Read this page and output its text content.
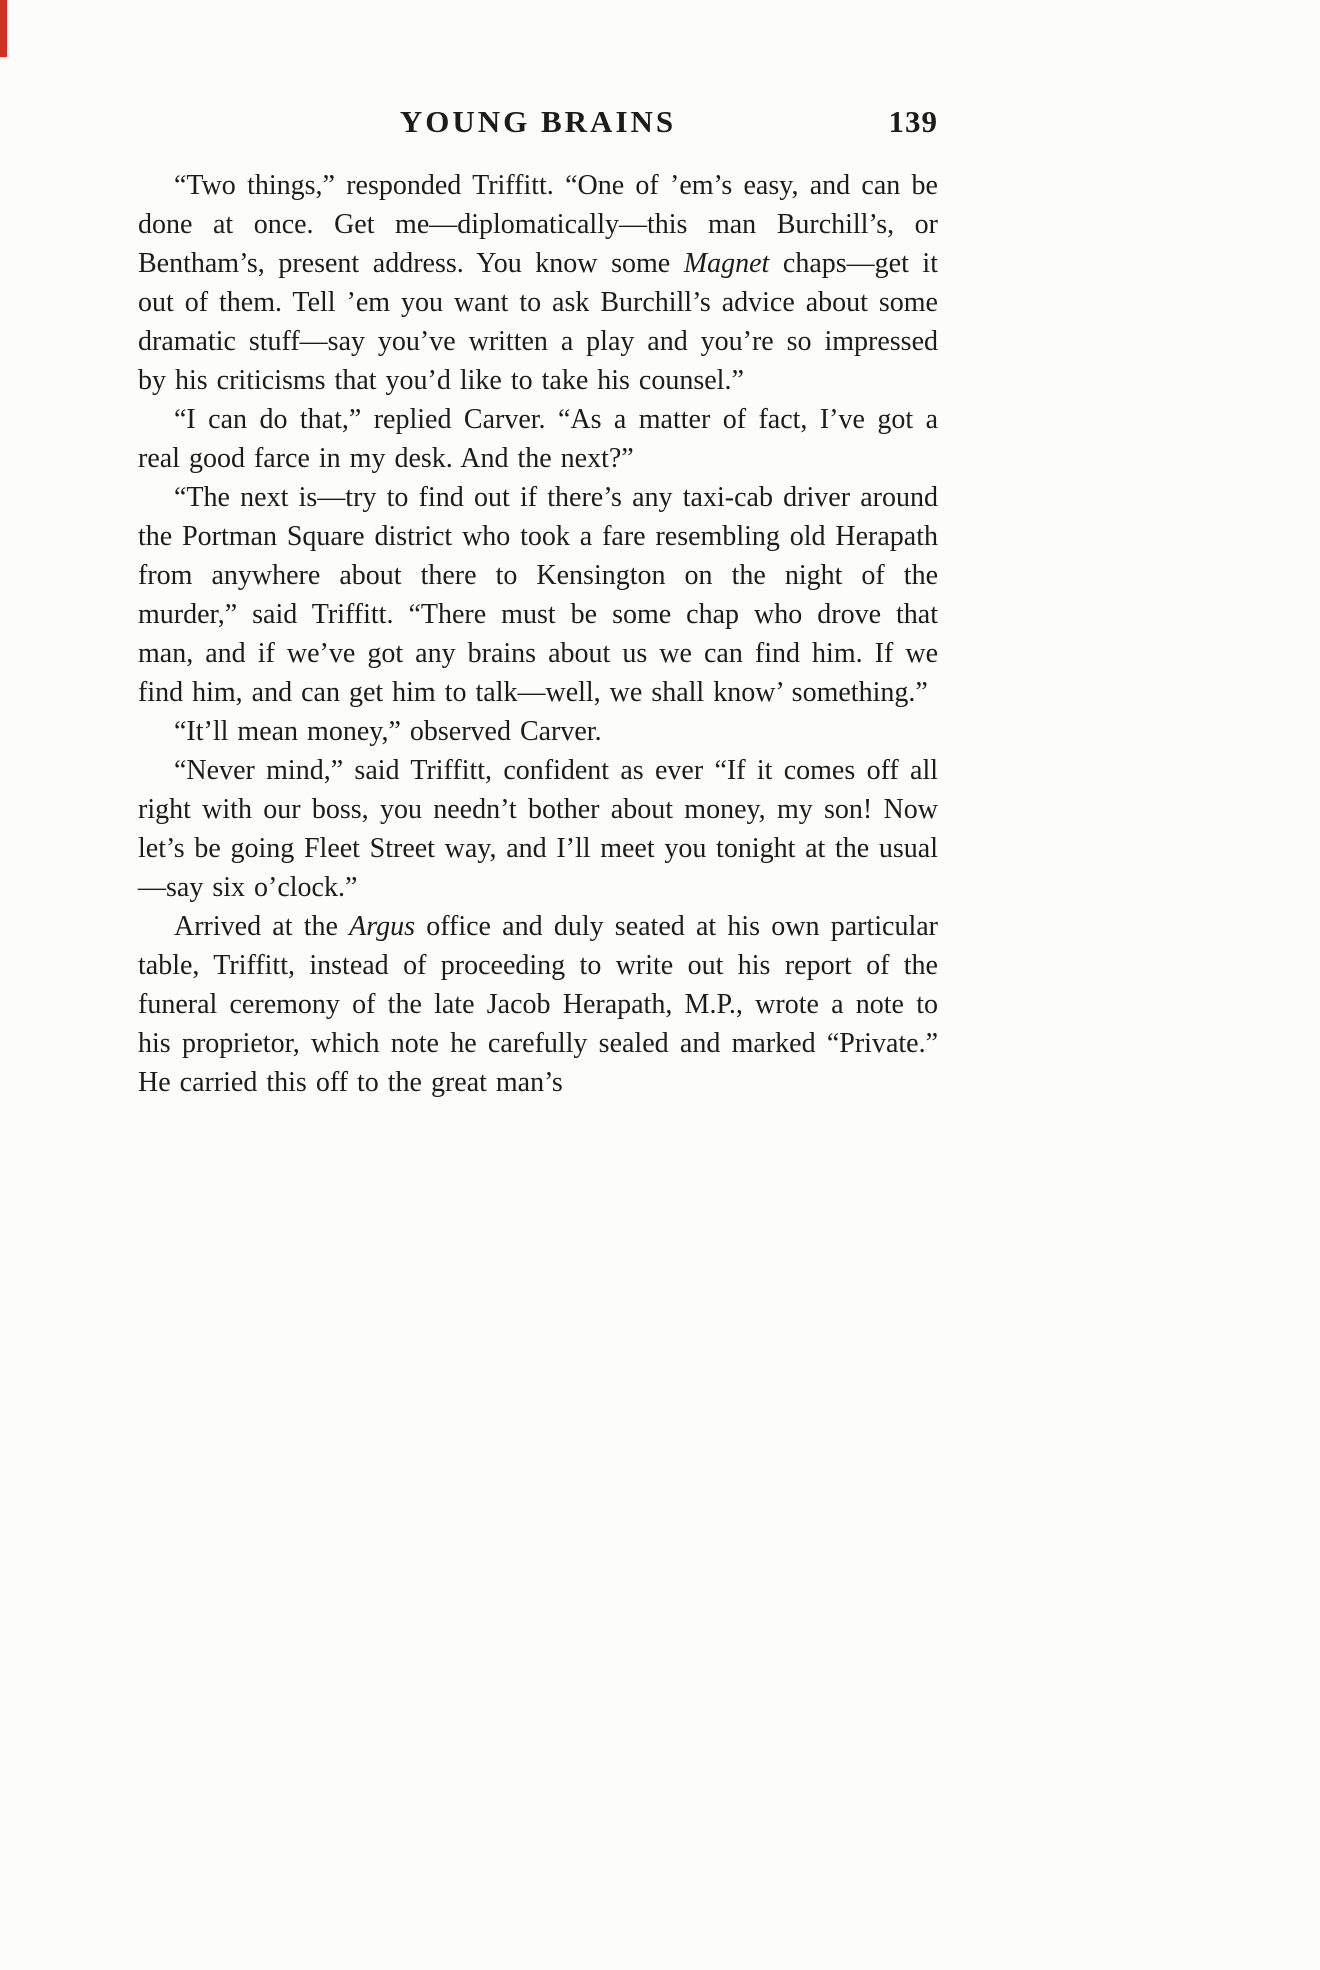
YOUNG BRAINS	139

“Two things,” responded Triffitt. “One of ’em’s easy, and can be done at once. Get me—diplomatically—this man Burchill’s, or Bentham’s, present address. You know some Magnet chaps—get it out of them. Tell ’em you want to ask Burchill’s advice about some dramatic stuff—say you’ve written a play and you’re so impressed by his criticisms that you’d like to take his counsel.”

“I can do that,” replied Carver. “As a matter of fact, I’ve got a real good farce in my desk. And the next?”

“The next is—try to find out if there’s any taxi-cab driver around the Portman Square district who took a fare resembling old Herapath from anywhere about there to Kensington on the night of the murder,” said Triffitt. “There must be some chap who drove that man, and if we’ve got any brains about us we can find him. If we find him, and can get him to talk—well, we shall know’ something.”

“It’ll mean money,” observed Carver.

“Never mind,” said Triffitt, confident as ever “If it comes off all right with our boss, you needn’t bother about money, my son! Now let’s be going Fleet Street way, and I’ll meet you tonight at the usual—say six o’clock.”

Arrived at the Argus office and duly seated at his own particular table, Triffitt, instead of proceeding to write out his report of the funeral ceremony of the late Jacob Herapath, M.P., wrote a note to his proprietor, which note he carefully sealed and marked “Private.” He carried this off to the great man’s
